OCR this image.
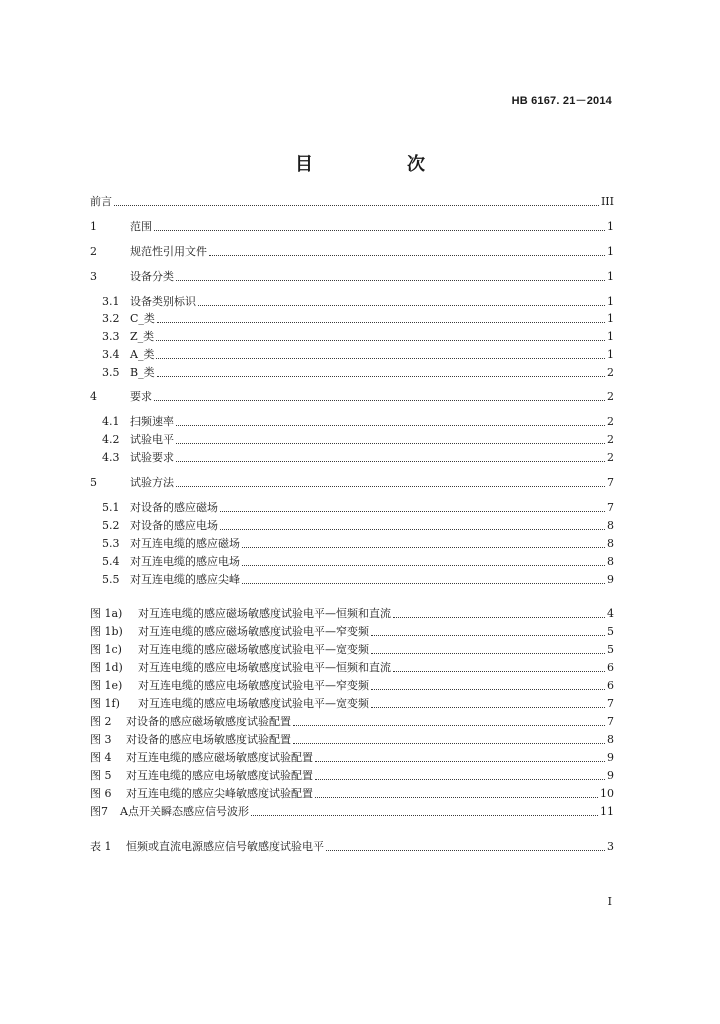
HB 6167. 21－2014
目　次
前言	III
1	范围	1
2	规范性引用文件	1
3	设备分类	1
3.1 设备类别标识	1
3.2 C_类	1
3.3 Z_类	1
3.4 A_类	1
3.5 B_类	2
4	要求	2
4.1 扫频速率	2
4.2 试验电平	2
4.3 试验要求	2
5	试验方法	7
5.1 对设备的感应磁场	7
5.2 对设备的感应电场	8
5.3 对互连电缆的感应磁场	8
5.4 对互连电缆的感应电场	8
5.5 对互连电缆的感应尖峰	9
图 1a)	对互连电缆的感应磁场敏感度试验电平—恒频和直流	4
图 1b)	对互连电缆的感应磁场敏感度试验电平—窄变频	5
图 1c)	对互连电缆的感应磁场敏感度试验电平—宽变频	5
图 1d)	对互连电缆的感应电场敏感度试验电平—恒频和直流	6
图 1e)	对互连电缆的感应电场敏感度试验电平—窄变频	6
图 1f)	对互连电缆的感应电场敏感度试验电平—宽变频	7
图 2	对设备的感应磁场敏感度试验配置	7
图 3	对设备的感应电场敏感度试验配置	8
图 4	对互连电缆的感应磁场敏感度试验配置	9
图 5	对互连电缆的感应电场敏感度试验配置	9
图 6	对互连电缆的感应尖峰敏感度试验配置	10
图7	A点开关瞬态感应信号波形	11
表 1	恒频或直流电源感应信号敏感度试验电平	3
I
